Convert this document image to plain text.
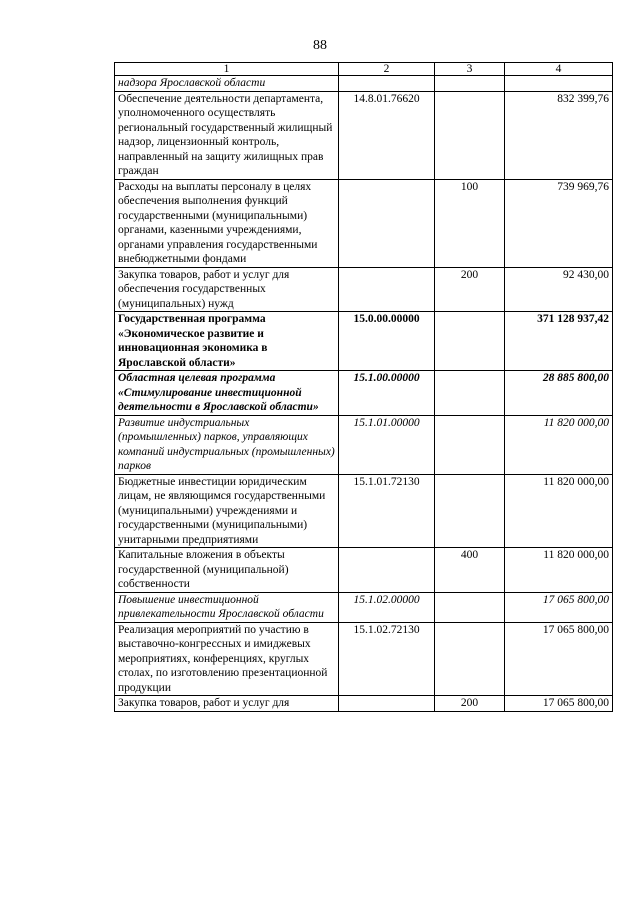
88
1	2	3	4
надзора Ярославской области			
Обеспечение деятельности департамента, уполномоченного осуществлять региональный государственный жилищный надзор, лицензионный контроль, направленный на защиту жилищных прав граждан	14.8.01.76620		832 399,76
Расходы на выплаты персоналу в целях обеспечения выполнения функций государственными (муниципальными) органами, казенными учреждениями, органами управления государственными внебюджетными фондами		100	739 969,76
Закупка товаров, работ и услуг для обеспечения государственных (муниципальных) нужд		200	92 430,00
Государственная программа «Экономическое развитие и инновационная экономика в Ярославской области»	15.0.00.00000		371 128 937,42
Областная целевая программа «Стимулирование инвестиционной деятельности в Ярославской области»	15.1.00.00000		28 885 800,00
Развитие индустриальных (промышленных) парков, управляющих компаний индустриальных (промышленных) парков	15.1.01.00000		11 820 000,00
Бюджетные инвестиции юридическим лицам, не являющимся государственными (муниципальными) учреждениями и государственными (муниципальными) унитарными предприятиями	15.1.01.72130		11 820 000,00
Капитальные вложения в объекты государственной (муниципальной) собственности		400	11 820 000,00
Повышение инвестиционной привлекательности Ярославской области	15.1.02.00000		17 065 800,00
Реализация мероприятий по участию в выставочно-конгрессных и имиджевых мероприятиях, конференциях, круглых столах, по изготовлению презентационной продукции	15.1.02.72130		17 065 800,00
Закупка товаров, работ и услуг для		200	17 065 800,00
